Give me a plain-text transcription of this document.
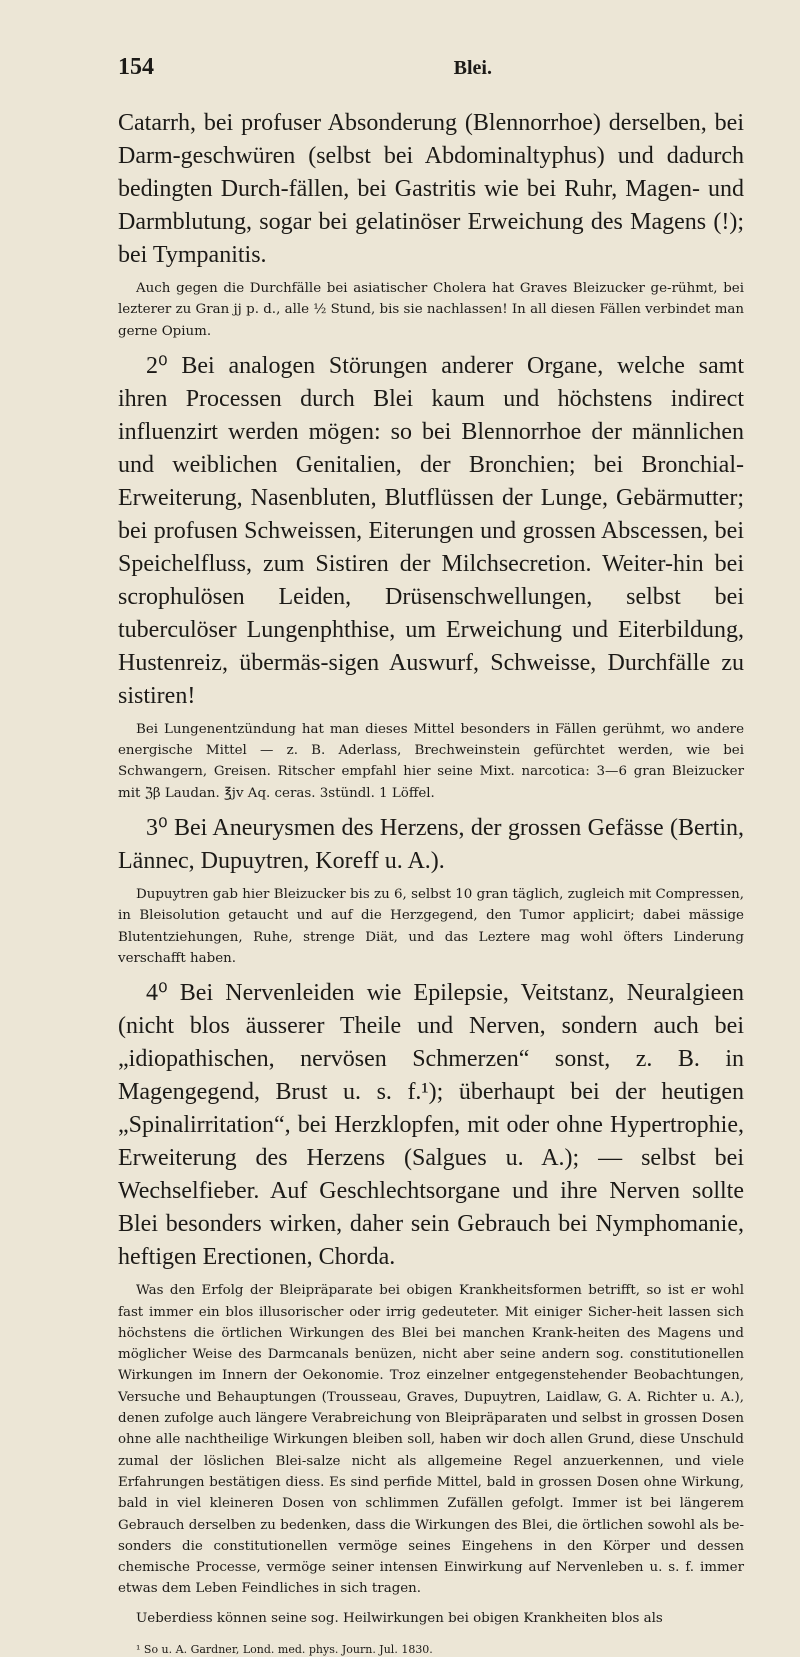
154	Blei.

Catarrh, bei profuser Absonderung (Blennorrhoe) derselben, bei Darm-geschwüren (selbst bei Abdominaltyphus) und dadurch bedingten Durch-fällen, bei Gastritis wie bei Ruhr, Magen- und Darmblutung, sogar bei gelatinöser Erweichung des Magens (!); bei Tympanitis.

Auch gegen die Durchfälle bei asiatischer Cholera hat Graves Bleizucker ge-rühmt, bei lezterer zu Gran jj p. d., alle ½ Stund, bis sie nachlassen! In all diesen Fällen verbindet man gerne Opium.

2⁰ Bei analogen Störungen anderer Organe, welche samt ihren Processen durch Blei kaum und höchstens indirect influenzirt werden mögen: so bei Blennorrhoe der männlichen und weiblichen Genitalien, der Bronchien; bei Bronchial-Erweiterung, Nasenbluten, Blutflüssen der Lunge, Gebärmutter; bei profusen Schweissen, Eiterungen und grossen Abscessen, bei Speichelfluss, zum Sistiren der Milchsecretion. Weiter-hin bei scrophulösen Leiden, Drüsenschwellungen, selbst bei tuberculöser Lungenphthise, um Erweichung und Eiterbildung, Hustenreiz, übermäs-sigen Auswurf, Schweisse, Durchfälle zu sistiren!

Bei Lungenentzündung hat man dieses Mittel besonders in Fällen gerühmt, wo andere energische Mittel — z. B. Aderlass, Brechweinstein gefürchtet werden, wie bei Schwangern, Greisen. Ritscher empfahl hier seine Mixt. narcotica: 3—6 gran Bleizucker mit ℨβ Laudan. ℥jv Aq. ceras. 3stündl. 1 Löffel.

3⁰ Bei Aneurysmen des Herzens, der grossen Gefässe (Bertin, Lännec, Dupuytren, Koreff u. A.).

Dupuytren gab hier Bleizucker bis zu 6, selbst 10 gran täglich, zugleich mit Compressen, in Bleisolution getaucht und auf die Herzgegend, den Tumor applicirt; dabei mässige Blutentziehungen, Ruhe, strenge Diät, und das Leztere mag wohl öfters Linderung verschafft haben.

4⁰ Bei Nervenleiden wie Epilepsie, Veitstanz, Neuralgieen (nicht blos äusserer Theile und Nerven, sondern auch bei „idiopathischen, nervösen Schmerzen“ sonst, z. B. in Magengegend, Brust u. s. f.¹); überhaupt bei der heutigen „Spinalirritation“, bei Herzklopfen, mit oder ohne Hypertrophie, Erweiterung des Herzens (Salgues u. A.); — selbst bei Wechselfieber. Auf Geschlechtsorgane und ihre Nerven sollte Blei besonders wirken, daher sein Gebrauch bei Nymphomanie, heftigen Erectionen, Chorda.

Was den Erfolg der Bleipräparate bei obigen Krankheitsformen betrifft, so ist er wohl fast immer ein blos illusorischer oder irrig gedeuteter. Mit einiger Sicher-heit lassen sich höchstens die örtlichen Wirkungen des Blei bei manchen Krank-heiten des Magens und möglicher Weise des Darmcanals benüzen, nicht aber seine andern sog. constitutionellen Wirkungen im Innern der Oekonomie. Troz einzelner entgegenstehender Beobachtungen, Versuche und Behauptungen (Trousseau, Graves, Dupuytren, Laidlaw, G. A. Richter u. A.), denen zufolge auch längere Verabreichung von Bleipräparaten und selbst in grossen Dosen ohne alle nachtheilige Wirkungen bleiben soll, haben wir doch allen Grund, diese Unschuld zumal der löslichen Blei-salze nicht als allgemeine Regel anzuerkennen, und viele Erfahrungen bestätigen diess. Es sind perfide Mittel, bald in grossen Dosen ohne Wirkung, bald in viel kleineren Dosen von schlimmen Zufällen gefolgt. Immer ist bei längerem Gebrauch derselben zu bedenken, dass die Wirkungen des Blei, die örtlichen sowohl als be-sonders die constitutionellen vermöge seines Eingehens in den Körper und dessen chemische Processe, vermöge seiner intensen Einwirkung auf Nervenleben u. s. f. immer etwas dem Leben Feindliches in sich tragen.

Ueberdiess können seine sog. Heilwirkungen bei obigen Krankheiten blos als

¹ So u. A. Gardner, Lond. med. phys. Journ. Jul. 1830.
